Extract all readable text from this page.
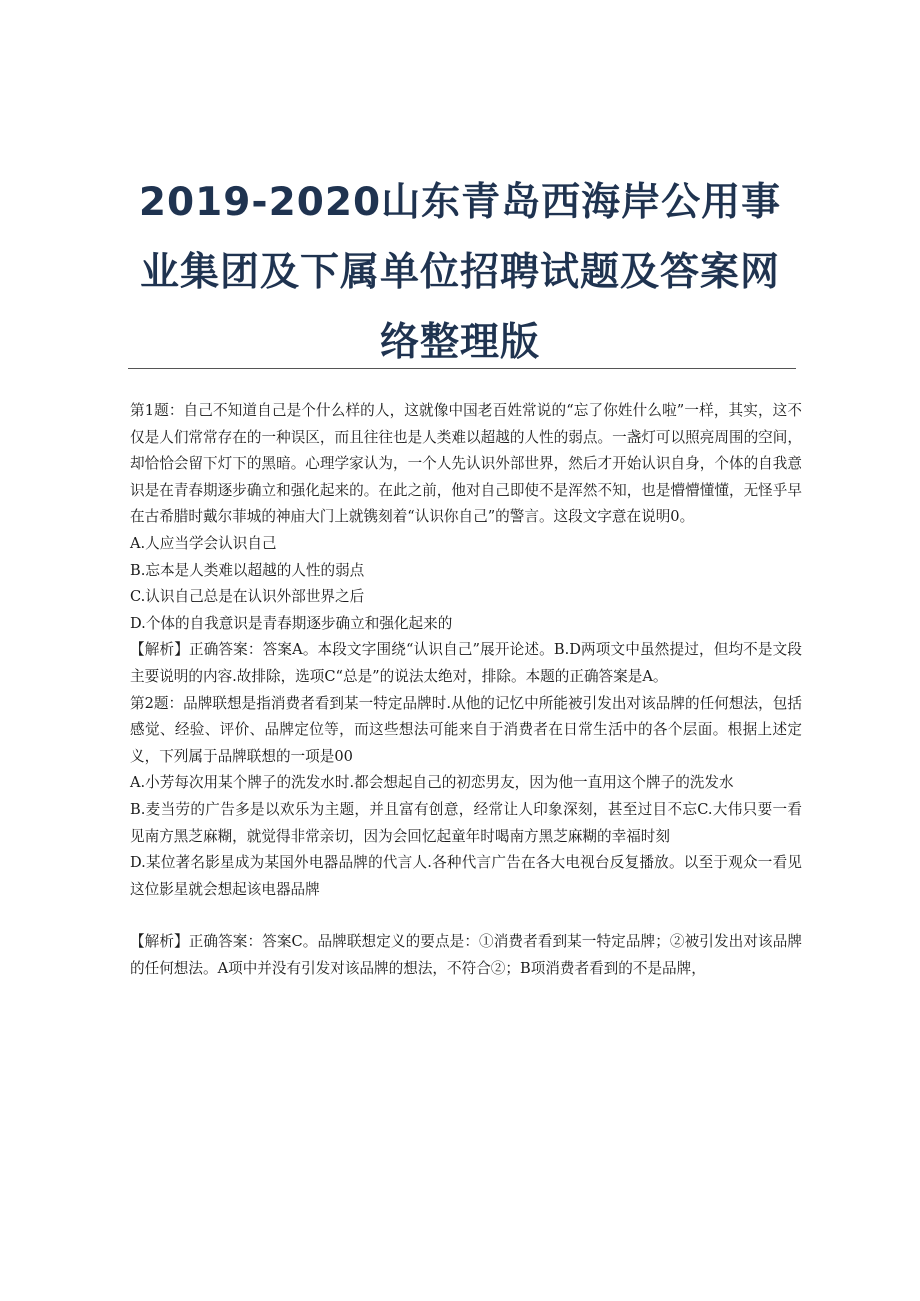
2019-2020山东青岛西海岸公用事
业集团及下属单位招聘试题及答案网
络整理版

第1题：自己不知道自己是个什么样的人，这就像中国老百姓常说的“忘了你姓什么啦”一样，其实，这不仅是人们常常存在的一种误区，而且往往也是人类难以超越的人性的弱点。一盏灯可以照亮周围的空间，却恰恰会留下灯下的黑暗。心理学家认为，一个人先认识外部世界，然后才开始认识自身，个体的自我意识是在青春期逐步确立和强化起来的。在此之前，他对自己即使不是浑然不知，也是懵懵懂懂，无怪乎早在古希腊时戴尔菲城的神庙大门上就镌刻着“认识你自己”的警言。这段文字意在说明0。

A.人应当学会认识自己

B.忘本是人类难以超越的人性的弱点

C.认识自己总是在认识外部世界之后

D.个体的自我意识是青春期逐步确立和强化起来的

【解析】正确答案：答案A。本段文字围绕“认识自己”展开论述。B.D两项文中虽然提过，但均不是文段主要说明的内容.故排除，选项C“总是”的说法太绝对，排除。本题的正确答案是A。

第2题：品牌联想是指消费者看到某一特定品牌时.从他的记忆中所能被引发出对该品牌的任何想法，包括感觉、经验、评价、品牌定位等，而这些想法可能来自于消费者在日常生活中的各个层面。根据上述定义，下列属于品牌联想的一项是00

A.小芳每次用某个牌子的洗发水时.都会想起自己的初恋男友，因为他一直用这个牌子的洗发水

B.麦当劳的广告多是以欢乐为主题，并且富有创意，经常让人印象深刻，甚至过目不忘C.大伟只要一看见南方黑芝麻糊，就觉得非常亲切，因为会回忆起童年时喝南方黑芝麻糊的幸福时刻

D.某位著名影星成为某国外电器品牌的代言人.各种代言广告在各大电视台反复播放。以至于观众一看见这位影星就会想起该电器品牌

【解析】正确答案：答案C。品牌联想定义的要点是：①消费者看到某一特定品牌；②被引发出对该品牌的任何想法。A项中并没有引发对该品牌的想法，不符合②；B项消费者看到的不是品牌，
